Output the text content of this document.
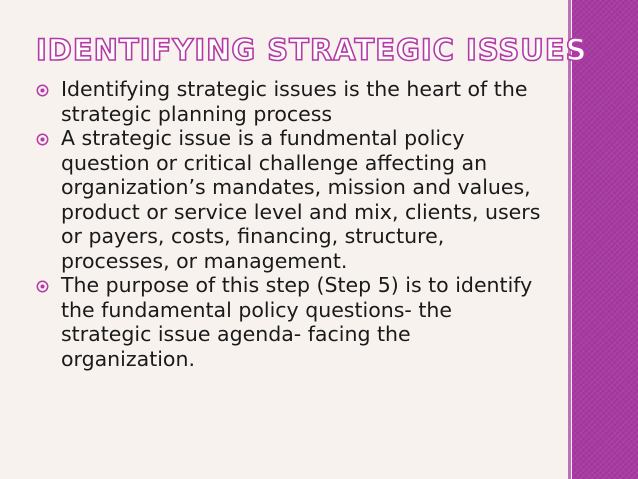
IDENTIFYING STRATEGIC ISSUES
Identifying strategic issues is the heart of the strategic planning process
A strategic issue is a fundmental policy question or critical challenge affecting an organization’s mandates, mission and values, product or service level and mix, clients, users or payers, costs, financing, structure, processes, or management.
The purpose of this step (Step 5) is to identify the fundamental policy questions- the strategic issue agenda- facing the organization.
